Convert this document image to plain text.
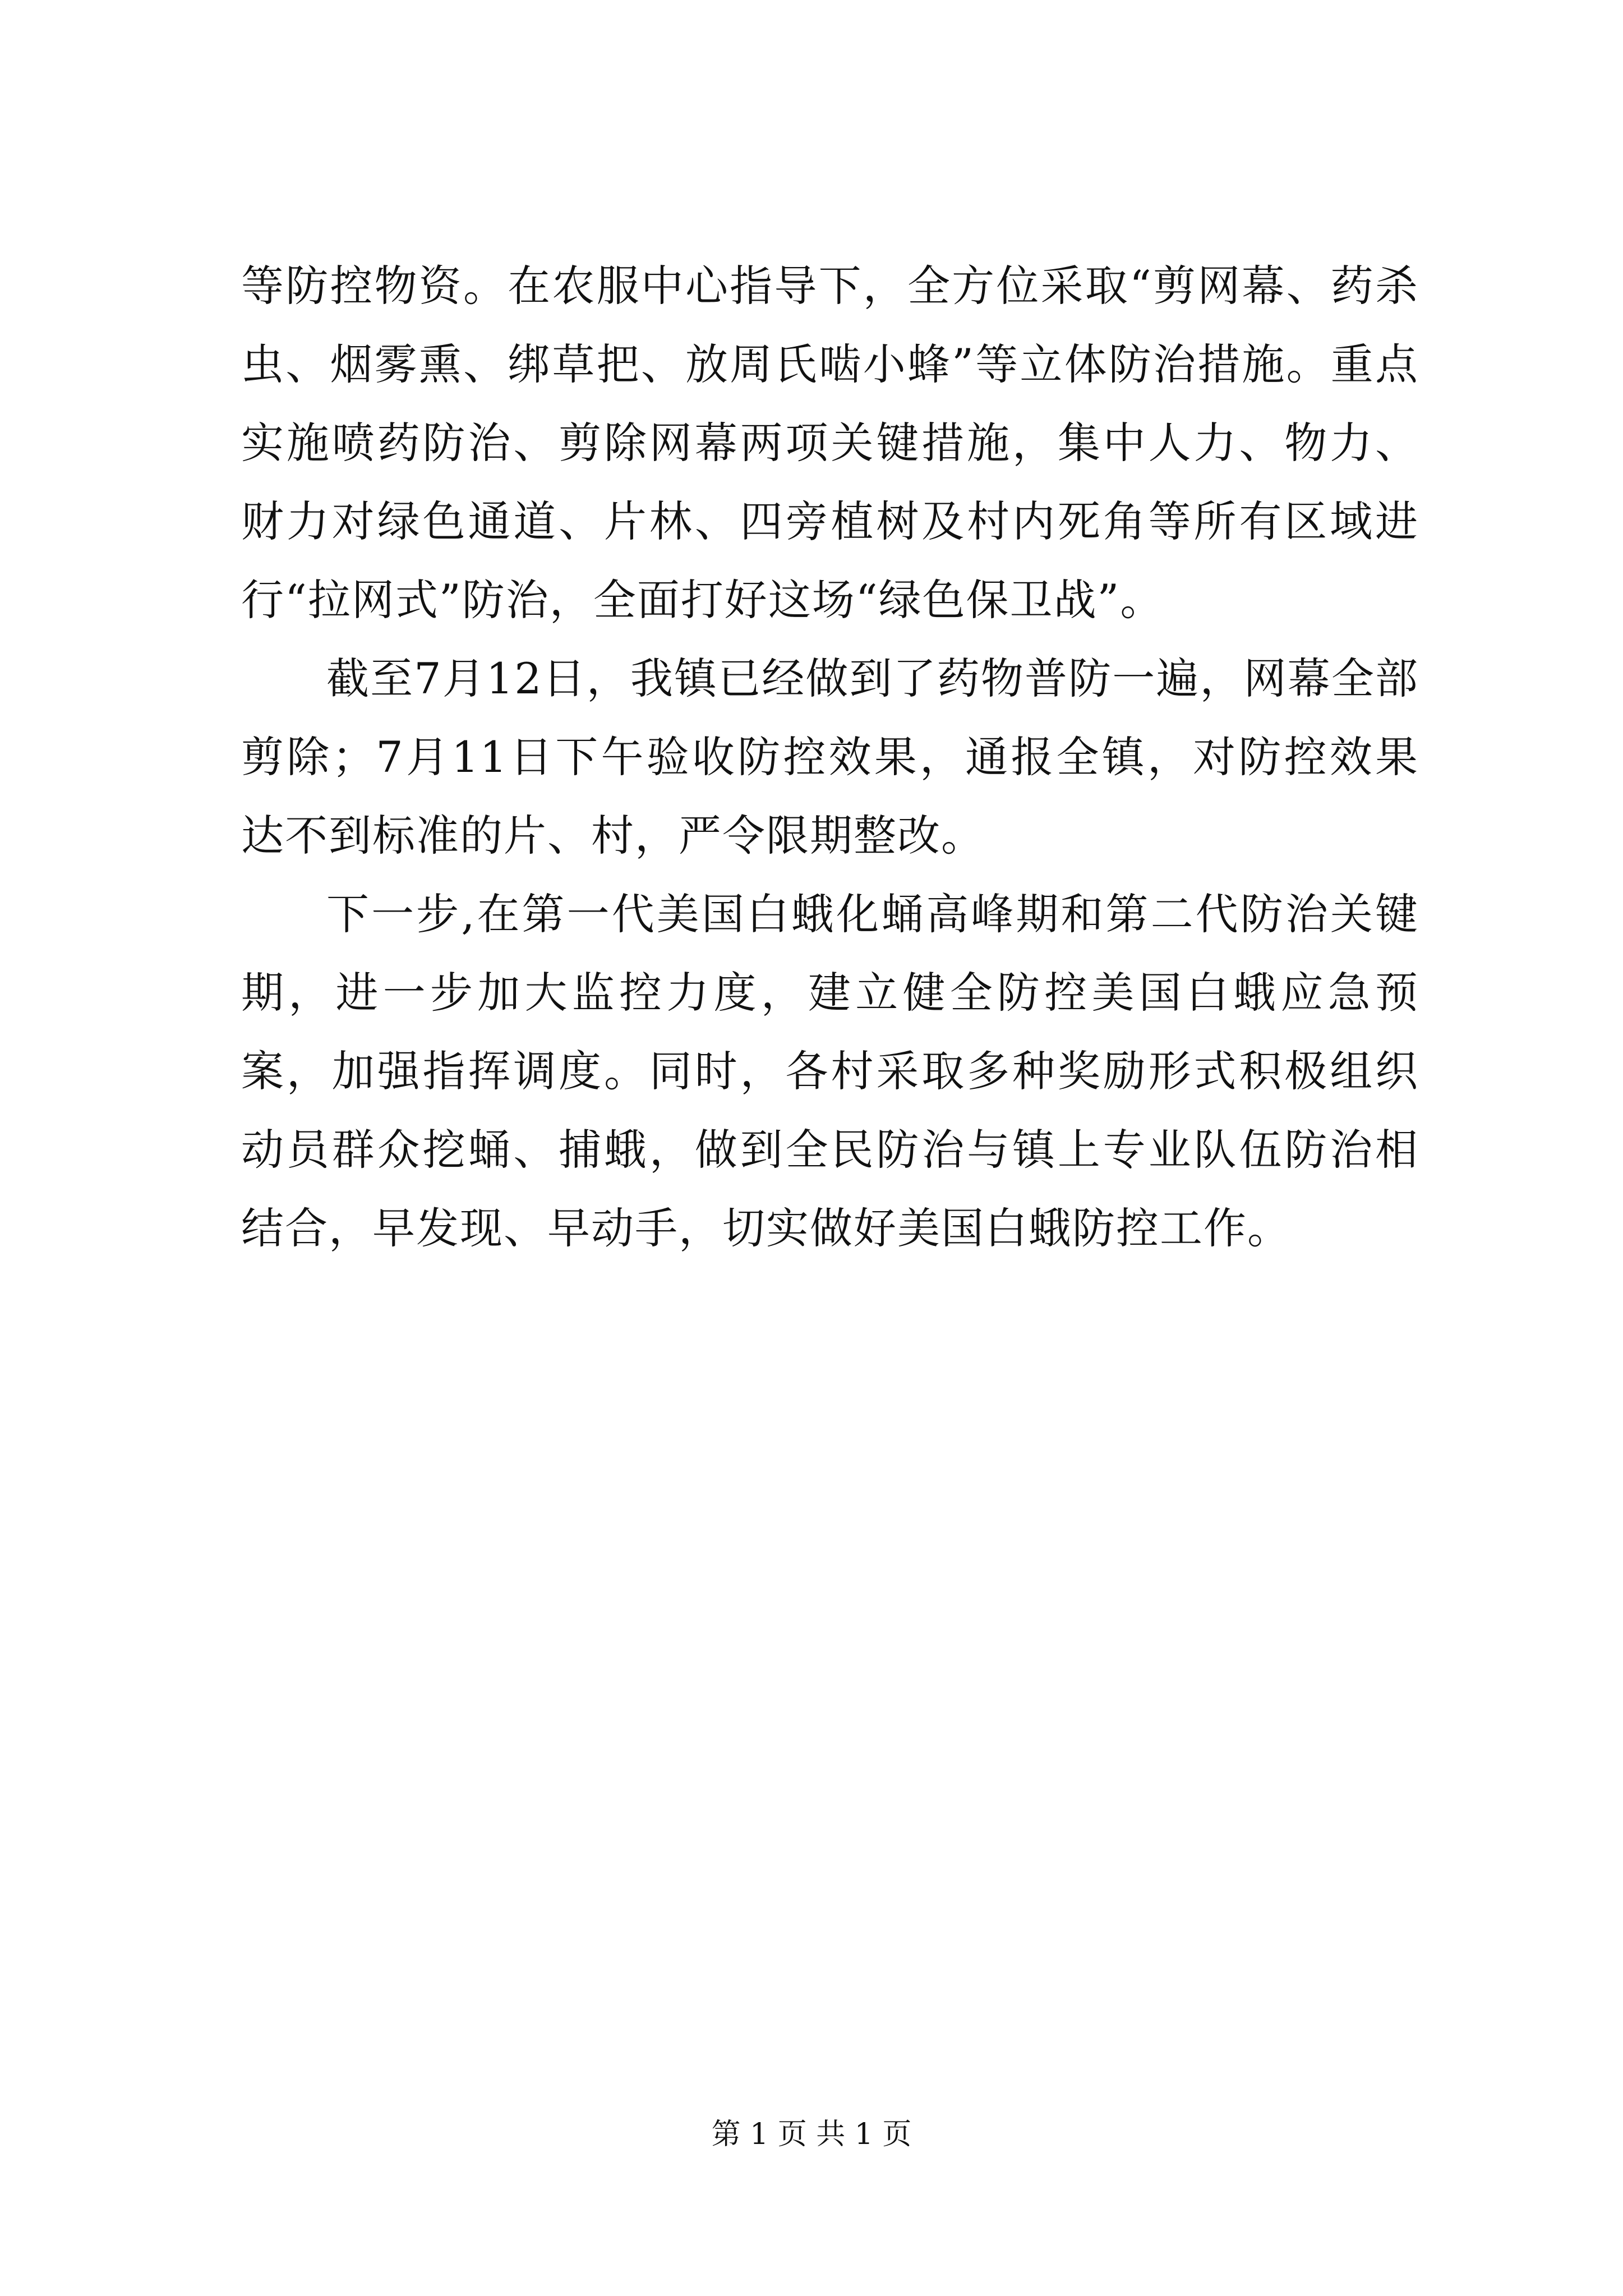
等防控物资。在农服中心指导下，全方位采取“剪网幕、药杀虫、烟雾熏、绑草把、放周氏啮小蜂”等立体防治措施。重点实施喷药防治、剪除网幕两项关键措施，集中人力、物力、财力对绿色通道、片林、四旁植树及村内死角等所有区域进行“拉网式”防治，全面打好这场“绿色保卫战”。

截至7月12日，我镇已经做到了药物普防一遍，网幕全部剪除；7月11日下午验收防控效果，通报全镇，对防控效果达不到标准的片、村，严令限期整改。

下一步,在第一代美国白蛾化蛹高峰期和第二代防治关键期，进一步加大监控力度，建立健全防控美国白蛾应急预案，加强指挥调度。同时，各村采取多种奖励形式积极组织动员群众挖蛹、捕蛾，做到全民防治与镇上专业队伍防治相结合，早发现、早动手，切实做好美国白蛾防控工作。

第 1 页 共 1 页
